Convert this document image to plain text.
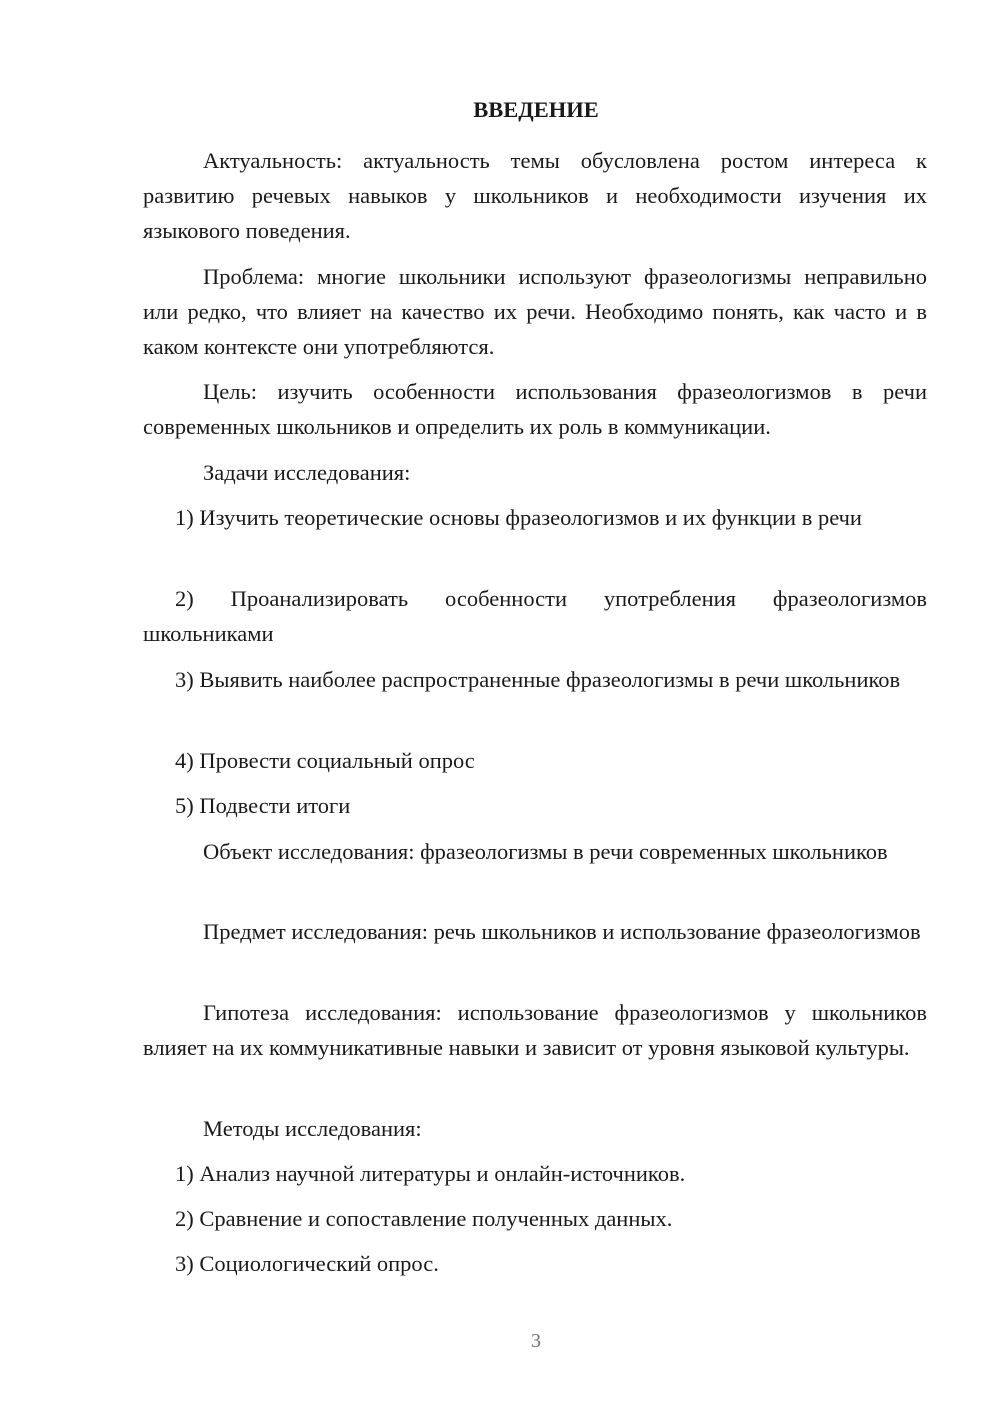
ВВЕДЕНИЕ

Актуальность: актуальность темы обусловлена ростом интереса к развитию речевых навыков у школьников и необходимости изучения их языкового поведения.

Проблема: многие школьники используют фразеологизмы неправильно или редко, что влияет на качество их речи. Необходимо понять, как часто и в каком контексте они употребляются.

Цель: изучить особенности использования фразеологизмов в речи современных школьников и определить их роль в коммуникации.

Задачи исследования:

1) Изучить теоретические основы фразеологизмов и их функции в речи

2) Проанализировать особенности употребления фразеологизмов школьниками

3) Выявить наиболее распространенные фразеологизмы в речи школьников

4) Провести социальный опрос

5) Подвести итоги

Объект исследования: фразеологизмы в речи современных школьников

Предмет исследования: речь школьников и использование фразеологизмов

Гипотеза исследования: использование фразеологизмов у школьников влияет на их коммуникативные навыки и зависит от уровня языковой культуры.

Методы исследования:

1) Анализ научной литературы и онлайн-источников.

2) Сравнение и сопоставление полученных данных.

3) Социологический опрос.

3
